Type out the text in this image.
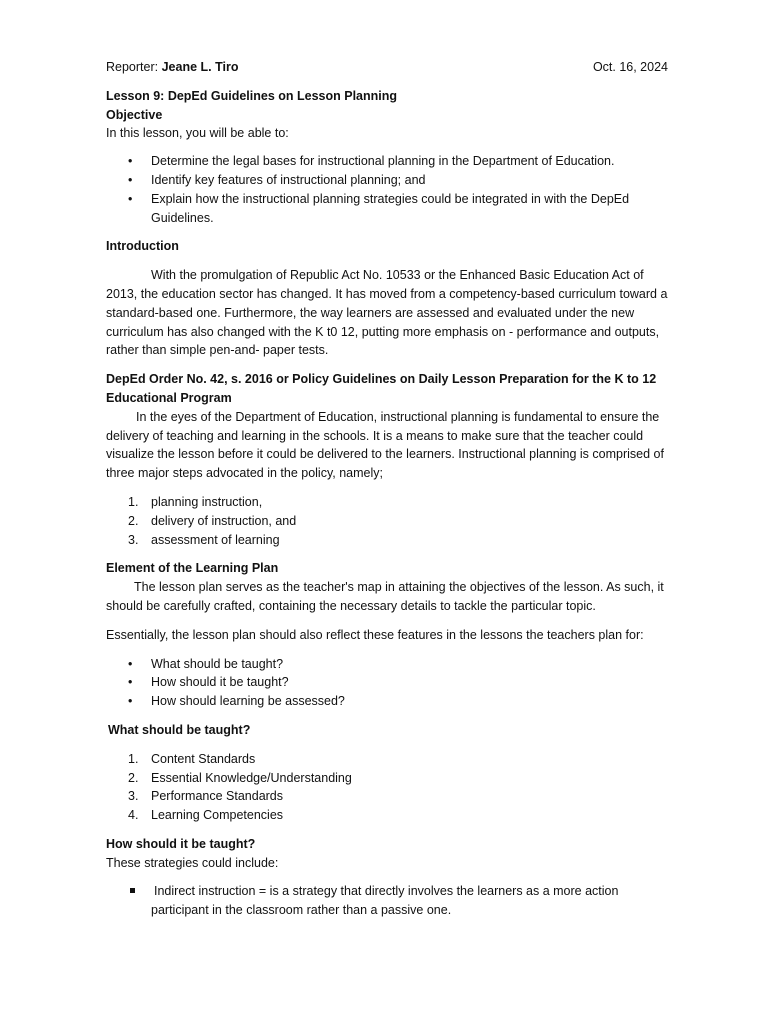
Reporter: Jeane L. Tiro	Oct. 16, 2024

Lesson 9: DepEd Guidelines on Lesson Planning

Objective

In this lesson, you will be able to:

• Determine the legal bases for instructional planning in the Department of Education.
• Identify key features of instructional planning; and
• Explain how the instructional planning strategies could be integrated in with the DepEd Guidelines.

Introduction

With the promulgation of Republic Act No. 10533 or the Enhanced Basic Education Act of 2013, the education sector has changed. It has moved from a competency-based curriculum toward a standard-based one. Furthermore, the way learners are assessed and evaluated under the new curriculum has also changed with the K t0 12, putting more emphasis on - performance and outputs, rather than simple pen-and- paper tests.

DepEd Order No. 42, s. 2016 or Policy Guidelines on Daily Lesson Preparation for the K to 12 Educational Program

In the eyes of the Department of Education, instructional planning is fundamental to ensure the delivery of teaching and learning in the schools. It is a means to make sure that the teacher could visualize the lesson before it could be delivered to the learners. Instructional planning is comprised of three major steps advocated in the policy, namely;

1. planning instruction,
2. delivery of instruction, and
3. assessment of learning

Element of the Learning Plan

The lesson plan serves as the teacher's map in attaining the objectives of the lesson. As such, it should be carefully crafted, containing the necessary details to tackle the particular topic.

Essentially, the lesson plan should also reflect these features in the lessons the teachers plan for:

• What should be taught?
• How should it be taught?
• How should learning be assessed?

What should be taught?

1. Content Standards
2. Essential Knowledge/Understanding
3. Performance Standards
4. Learning Competencies

How should it be taught?

These strategies could include:

Indirect instruction = is a strategy that directly involves the learners as a more action participant in the classroom rather than a passive one.
